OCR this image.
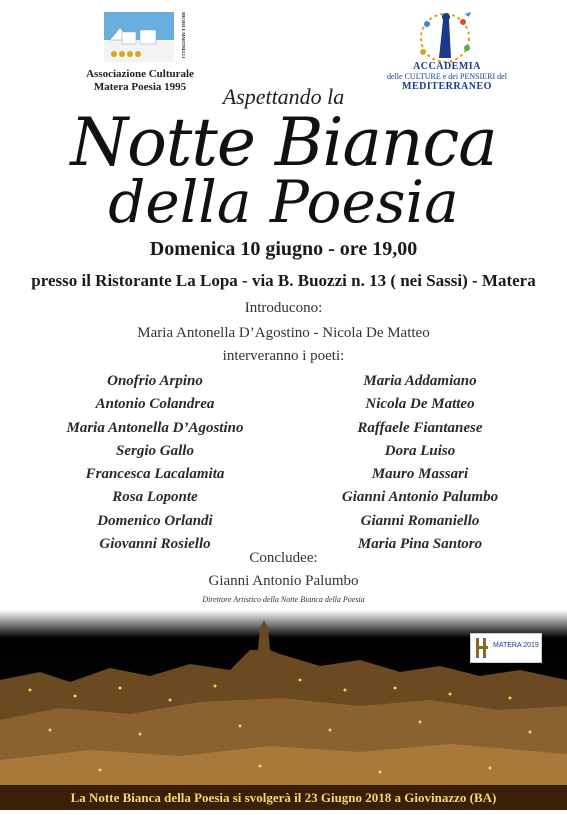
MICHELE MARTINELLI
Associazione Culturale
Matera Poesia 1995
ACCADEMIA
delle CULTURE e dei PENSIERI del
MEDITERRANEO
Aspettando la
Notte Bianca
della Poesia
Domenica 10 giugno - ore 19,00
presso il Ristorante La Lopa - via B. Buozzi n. 13 ( nei Sassi) - Matera
Introducono:
Maria Antonella D’Agostino - Nicola De Matteo
interveranno i poeti:
Onofrio Arpino
Antonio Colandrea
Maria Antonella D’Agostino
Sergio Gallo
Francesca Lacalamita
Rosa Loponte
Domenico Orlandi
Giovanni Rosiello
Maria Addamiano
Nicola De Matteo
Raffaele Fiantanese
Dora Luiso
Mauro Massari
Gianni Antonio Palumbo
Gianni Romaniello
Maria Pina Santoro
Concludee:
Gianni Antonio Palumbo
Direttore Artistico della Notte Bianca della Poesia
MATERA 2019
La Notte Bianca della Poesia si svolgerà il 23 Giugno 2018 a Giovinazzo (BA)
